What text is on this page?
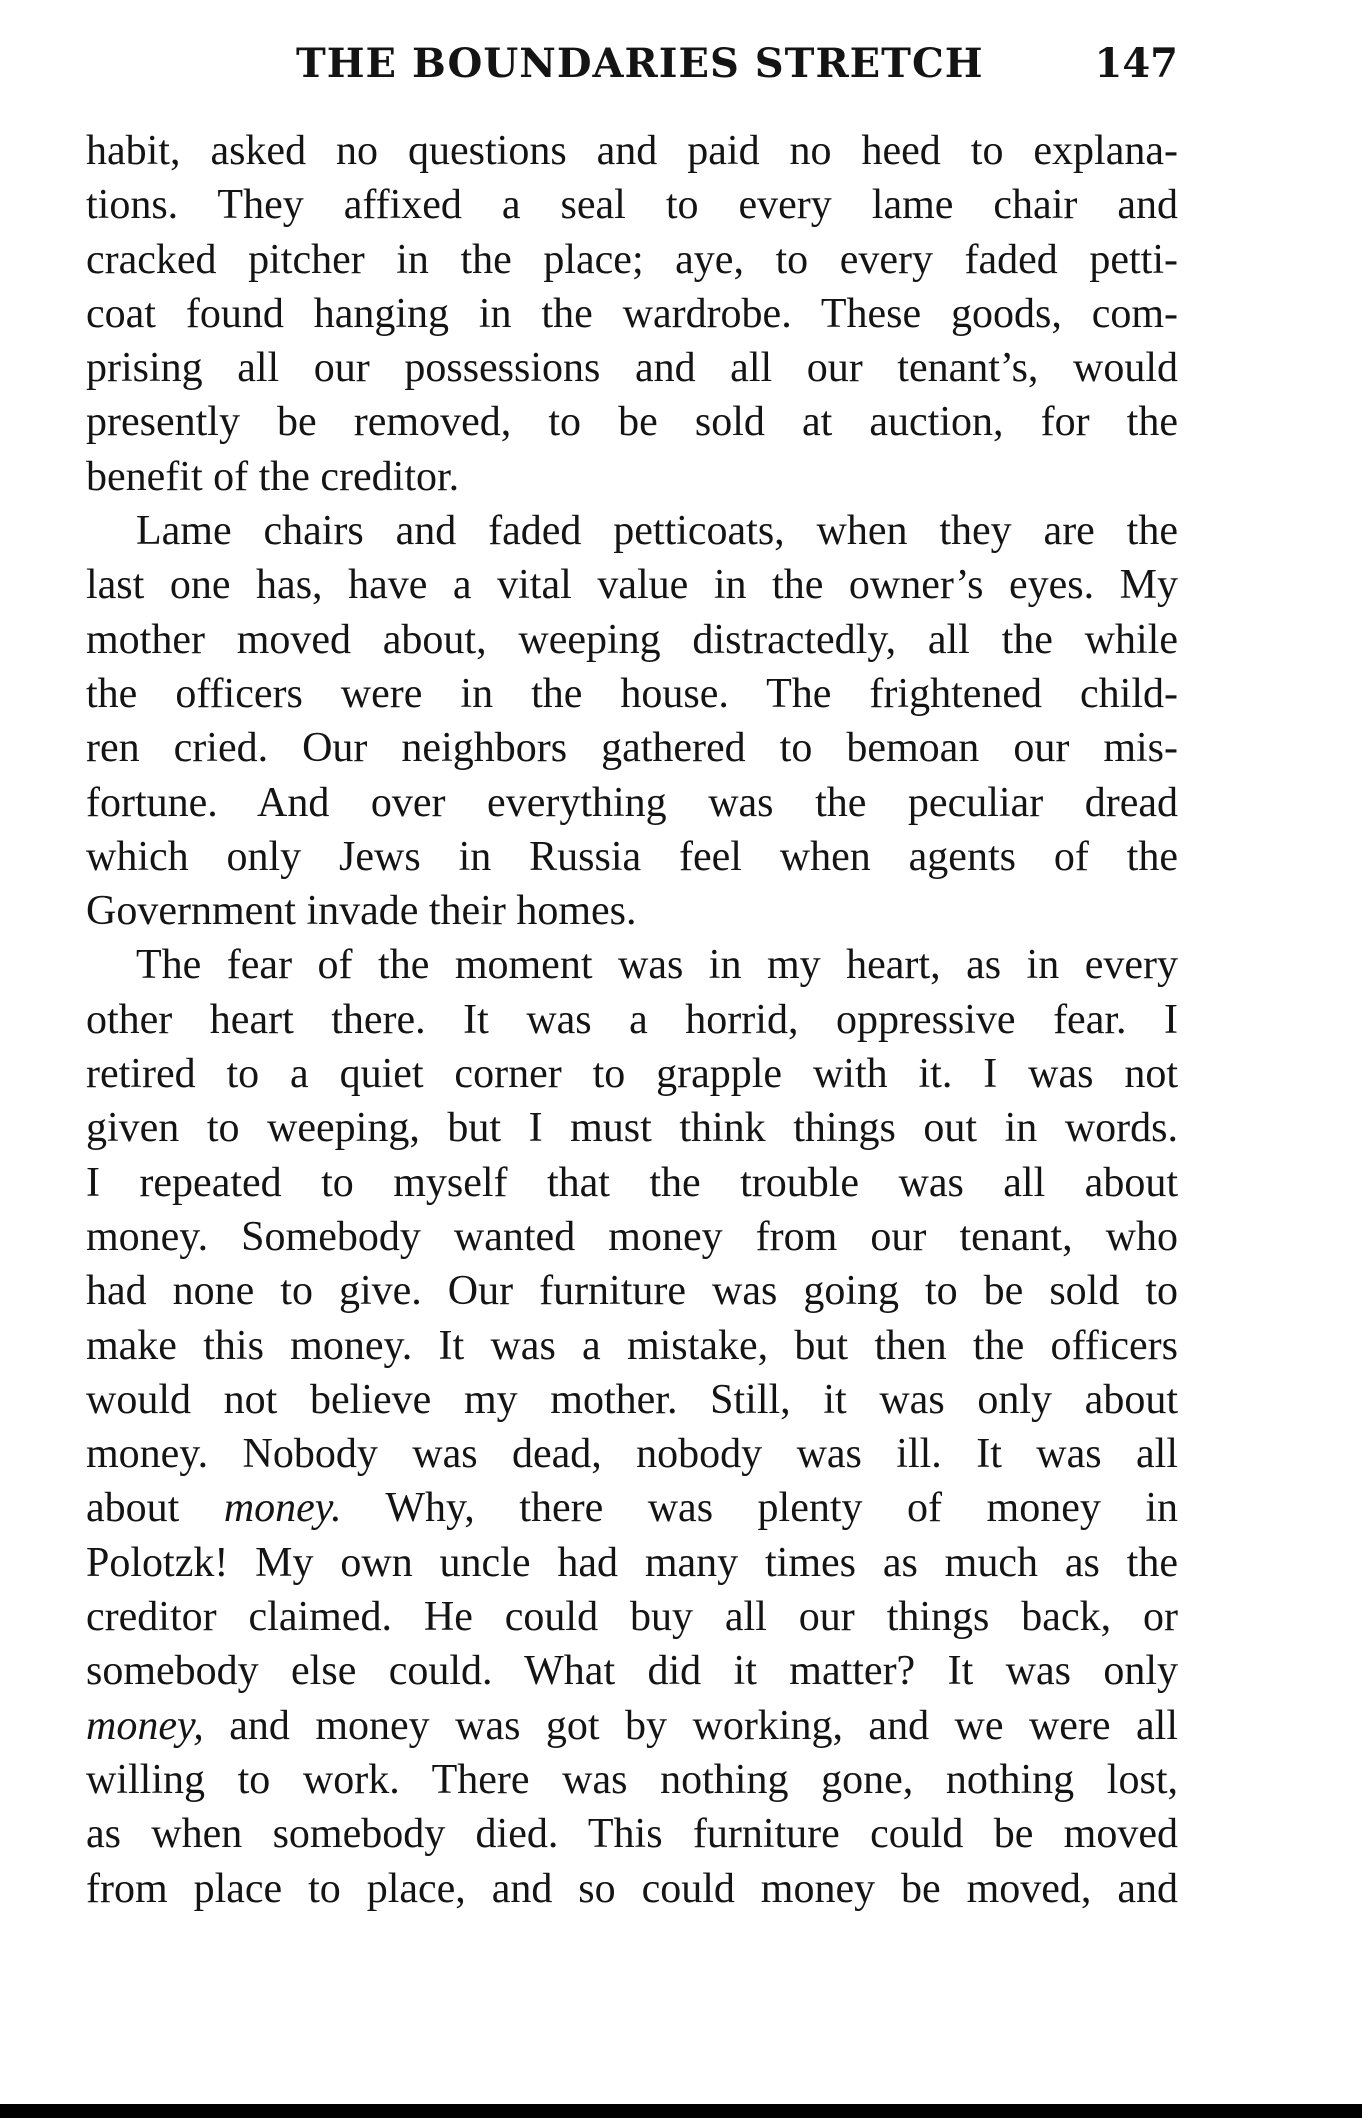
THE BOUNDARIES STRETCH	147
habit, asked no questions and paid no heed to explana-
tions. They affixed a seal to every lame chair and
cracked pitcher in the place; aye, to every faded petti-
coat found hanging in the wardrobe. These goods, com-
prising all our possessions and all our tenant’s, would
presently be removed, to be sold at auction, for the
benefit of the creditor.
Lame chairs and faded petticoats, when they are the
last one has, have a vital value in the owner’s eyes. My
mother moved about, weeping distractedly, all the while
the officers were in the house. The frightened child-
ren cried. Our neighbors gathered to bemoan our mis-
fortune. And over everything was the peculiar dread
which only Jews in Russia feel when agents of the
Government invade their homes.
The fear of the moment was in my heart, as in every
other heart there. It was a horrid, oppressive fear. I
retired to a quiet corner to grapple with it. I was not
given to weeping, but I must think things out in words.
I repeated to myself that the trouble was all about
money. Somebody wanted money from our tenant, who
had none to give. Our furniture was going to be sold to
make this money. It was a mistake, but then the officers
would not believe my mother. Still, it was only about
money. Nobody was dead, nobody was ill. It was all
about money. Why, there was plenty of money in
Polotzk! My own uncle had many times as much as the
creditor claimed. He could buy all our things back, or
somebody else could. What did it matter? It was only
money, and money was got by working, and we were all
willing to work. There was nothing gone, nothing lost,
as when somebody died. This furniture could be moved
from place to place, and so could money be moved, and
